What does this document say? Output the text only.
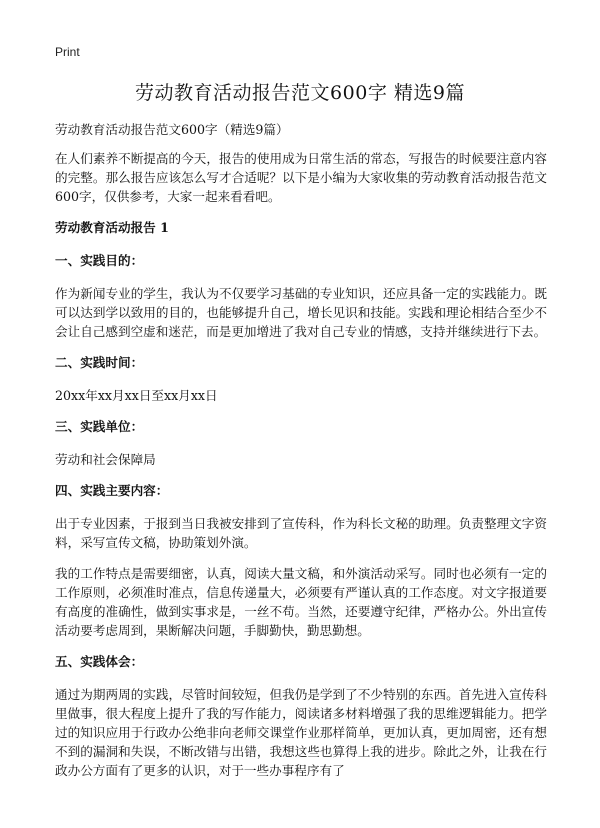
Print
劳动教育活动报告范文600字 精选9篇

劳动教育活动报告范文600字（精选9篇）

在人们素养不断提高的今天，报告的使用成为日常生活的常态，写报告的时候要注意内容的完整。那么报告应该怎么写才合适呢？以下是小编为大家收集的劳动教育活动报告范文600字，仅供参考，大家一起来看看吧。

劳动教育活动报告 1

一、实践目的：

作为新闻专业的学生，我认为不仅要学习基础的专业知识，还应具备一定的实践能力。既可以达到学以致用的目的，也能够提升自己，增长见识和技能。实践和理论相结合至少不会让自己感到空虚和迷茫，而是更加增进了我对自己专业的情感，支持并继续进行下去。

二、实践时间：

20xx年xx月xx日至xx月xx日

三、实践单位：

劳动和社会保障局

四、实践主要内容：

出于专业因素，于报到当日我被安排到了宣传科，作为科长文秘的助理。负责整理文字资料，采写宣传文稿，协助策划外演。

我的工作特点是需要细密，认真，阅读大量文稿，和外演活动采写。同时也必须有一定的工作原则，必须准时准点，信息传递量大，必须要有严谨认真的工作态度。对文字报道要有高度的准确性，做到实事求是，一丝不苟。当然，还要遵守纪律，严格办公。外出宣传活动要考虑周到，果断解决问题，手脚勤快，勤思勤想。

五、实践体会：

通过为期两周的实践，尽管时间较短，但我仍是学到了不少特别的东西。首先进入宣传科里做事，很大程度上提升了我的写作能力，阅读诸多材料增强了我的思维逻辑能力。把学过的知识应用于行政办公绝非向老师交课堂作业那样简单，更加认真，更加周密，还有想不到的漏洞和失误，不断改错与出错，我想这些也算得上我的进步。除此之外，让我在行政办公方面有了更多的认识，对于一些办事程序有了
